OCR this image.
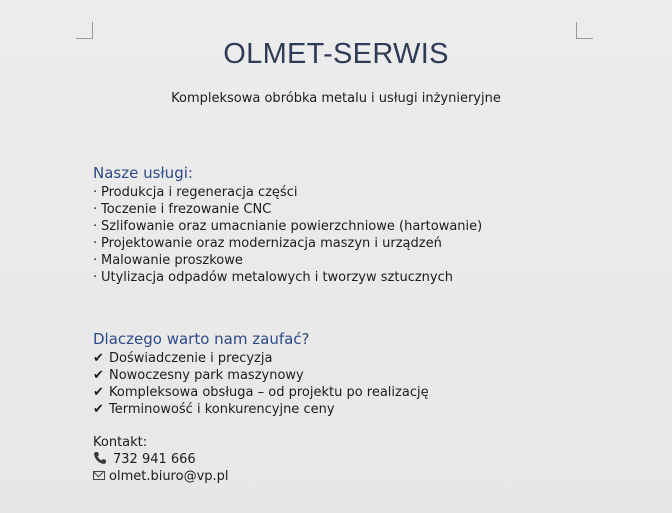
OLMET-SERWIS
Kompleksowa obróbka metalu i usługi inżynieryjne
Nasze usługi:
· Produkcja i regeneracja części
· Toczenie i frezowanie CNC
· Szlifowanie oraz umacnianie powierzchniowe (hartowanie)
· Projektowanie oraz modernizacja maszyn i urządzeń
· Malowanie proszkowe
· Utylizacja odpadów metalowych i tworzyw sztucznych
Dlaczego warto nam zaufać?
✔ Doświadczenie i precyzja
✔ Nowoczesny park maszynowy
✔ Kompleksowa obsługa – od projektu po realizację
✔ Terminowość i konkurencyjne ceny
Kontakt:
732 941 666
olmet.biuro@vp.pl
